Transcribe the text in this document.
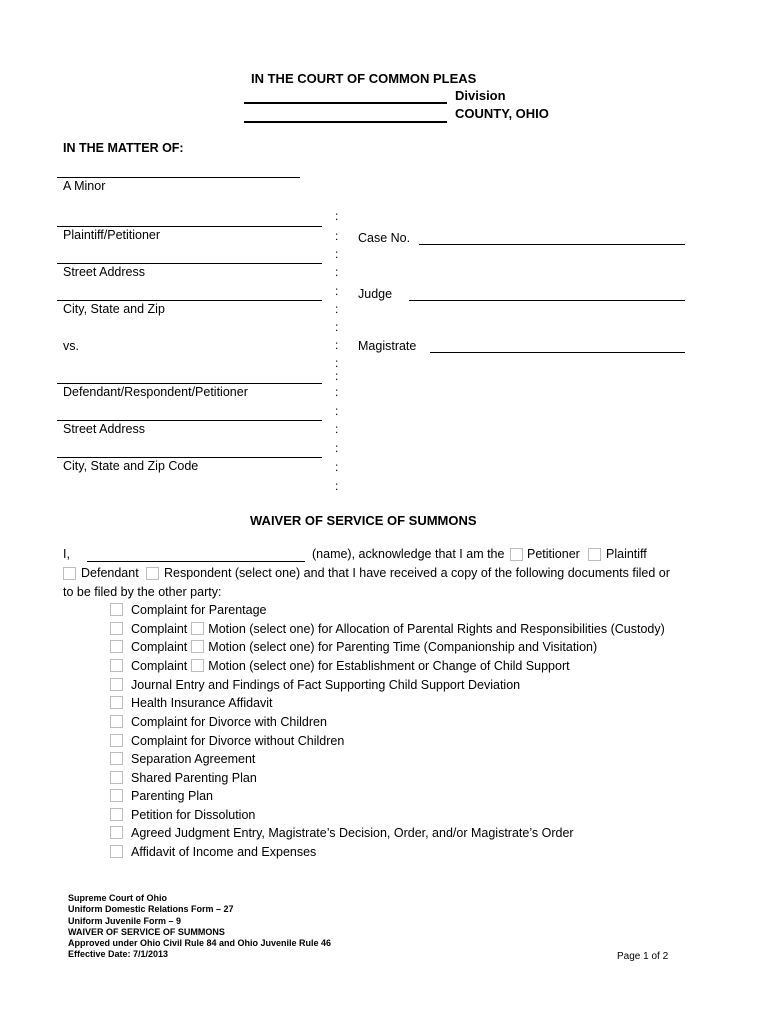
IN THE COURT OF COMMON PLEAS
Division
COUNTY, OHIO
IN THE MATTER OF:
A Minor
Plaintiff/Petitioner
Street Address
City, State and Zip
vs.
Defendant/Respondent/Petitioner
Street Address
City, State and Zip Code
:
:
:
:
:
:
:
:
:
:
:
:
:
:
:
:
Case No.
Judge
Magistrate
WAIVER OF SERVICE OF SUMMONS
I,	(name), acknowledge that I am the Petitioner Plaintiff
Defendant Respondent (select one) and that I have received a copy of the following documents filed or
to be filed by the other party:
Complaint for Parentage
Complaint Motion (select one) for Allocation of Parental Rights and Responsibilities (Custody)
Complaint Motion (select one) for Parenting Time (Companionship and Visitation)
Complaint Motion (select one) for Establishment or Change of Child Support
Journal Entry and Findings of Fact Supporting Child Support Deviation
Health Insurance Affidavit
Complaint for Divorce with Children
Complaint for Divorce without Children
Separation Agreement
Shared Parenting Plan
Parenting Plan
Petition for Dissolution
Agreed Judgment Entry, Magistrate’s Decision, Order, and/or Magistrate’s Order
Affidavit of Income and Expenses
Supreme Court of Ohio
Uniform Domestic Relations Form – 27
Uniform Juvenile Form – 9
WAIVER OF SERVICE OF SUMMONS
Approved under Ohio Civil Rule 84 and Ohio Juvenile Rule 46
Effective Date: 7/1/2013	Page 1 of 2
